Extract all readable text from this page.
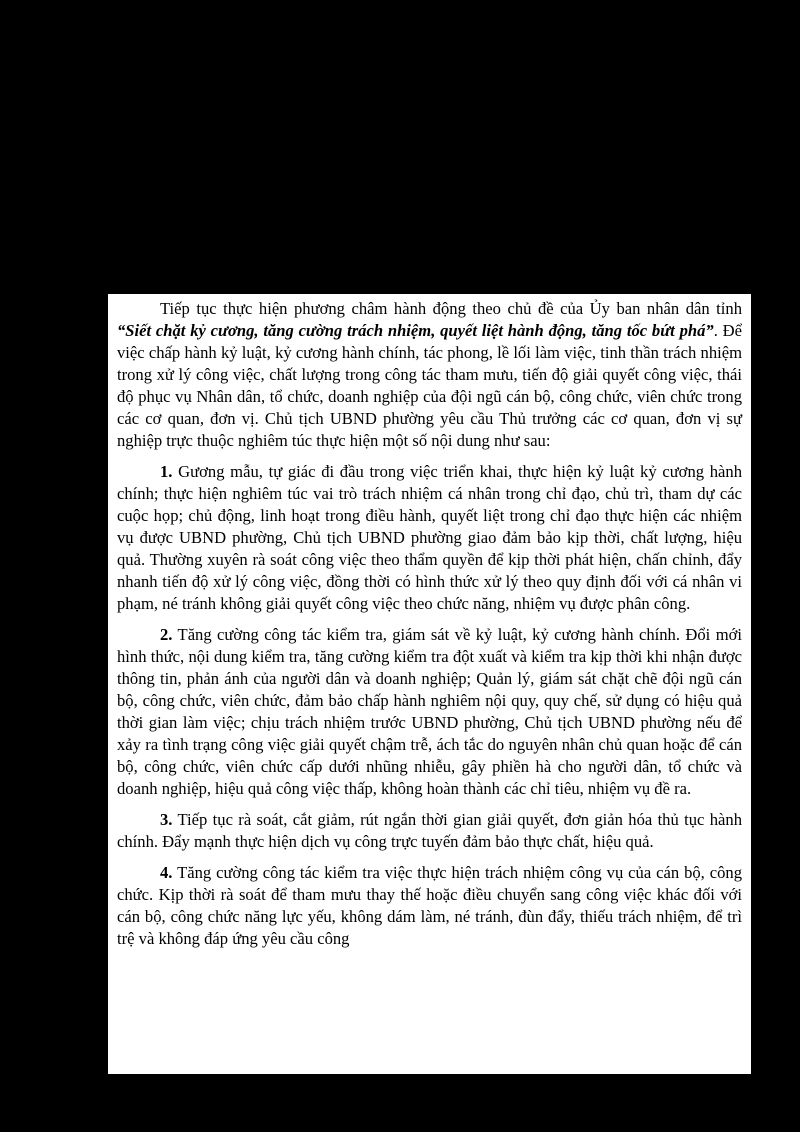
Tiếp tục thực hiện phương châm hành động theo chủ đề của Ủy ban nhân dân tỉnh “Siết chặt kỷ cương, tăng cường trách nhiệm, quyết liệt hành động, tăng tốc bứt phá”. Để việc chấp hành kỷ luật, kỷ cương hành chính, tác phong, lề lối làm việc, tinh thần trách nhiệm trong xử lý công việc, chất lượng trong công tác tham mưu, tiến độ giải quyết công việc, thái độ phục vụ Nhân dân, tổ chức, doanh nghiệp của đội ngũ cán bộ, công chức, viên chức trong các cơ quan, đơn vị. Chủ tịch UBND phường yêu cầu Thủ trưởng các cơ quan, đơn vị sự nghiệp trực thuộc nghiêm túc thực hiện một số nội dung như sau:

1. Gương mẫu, tự giác đi đầu trong việc triển khai, thực hiện kỷ luật kỷ cương hành chính; thực hiện nghiêm túc vai trò trách nhiệm cá nhân trong chỉ đạo, chủ trì, tham dự các cuộc họp; chủ động, linh hoạt trong điều hành, quyết liệt trong chỉ đạo thực hiện các nhiệm vụ được UBND phường, Chủ tịch UBND phường giao đảm bảo kịp thời, chất lượng, hiệu quả. Thường xuyên rà soát công việc theo thẩm quyền để kịp thời phát hiện, chấn chỉnh, đẩy nhanh tiến độ xử lý công việc, đồng thời có hình thức xử lý theo quy định đối với cá nhân vi phạm, né tránh không giải quyết công việc theo chức năng, nhiệm vụ được phân công.

2. Tăng cường công tác kiểm tra, giám sát về kỷ luật, kỷ cương hành chính. Đổi mới hình thức, nội dung kiểm tra, tăng cường kiểm tra đột xuất và kiểm tra kịp thời khi nhận được thông tin, phản ánh của người dân và doanh nghiệp; Quản lý, giám sát chặt chẽ đội ngũ cán bộ, công chức, viên chức, đảm bảo chấp hành nghiêm nội quy, quy chế, sử dụng có hiệu quả thời gian làm việc; chịu trách nhiệm trước UBND phường, Chủ tịch UBND phường nếu để xảy ra tình trạng công việc giải quyết chậm trễ, ách tắc do nguyên nhân chủ quan hoặc để cán bộ, công chức, viên chức cấp dưới nhũng nhiễu, gây phiền hà cho người dân, tổ chức và doanh nghiệp, hiệu quả công việc thấp, không hoàn thành các chỉ tiêu, nhiệm vụ đề ra.

3. Tiếp tục rà soát, cắt giảm, rút ngắn thời gian giải quyết, đơn giản hóa thủ tục hành chính. Đẩy mạnh thực hiện dịch vụ công trực tuyến đảm bảo thực chất, hiệu quả.

4. Tăng cường công tác kiểm tra việc thực hiện trách nhiệm công vụ của cán bộ, công chức. Kịp thời rà soát để tham mưu thay thế hoặc điều chuyển sang công việc khác đối với cán bộ, công chức năng lực yếu, không dám làm, né tránh, đùn đẩy, thiếu trách nhiệm, để trì trệ và không đáp ứng yêu cầu công
